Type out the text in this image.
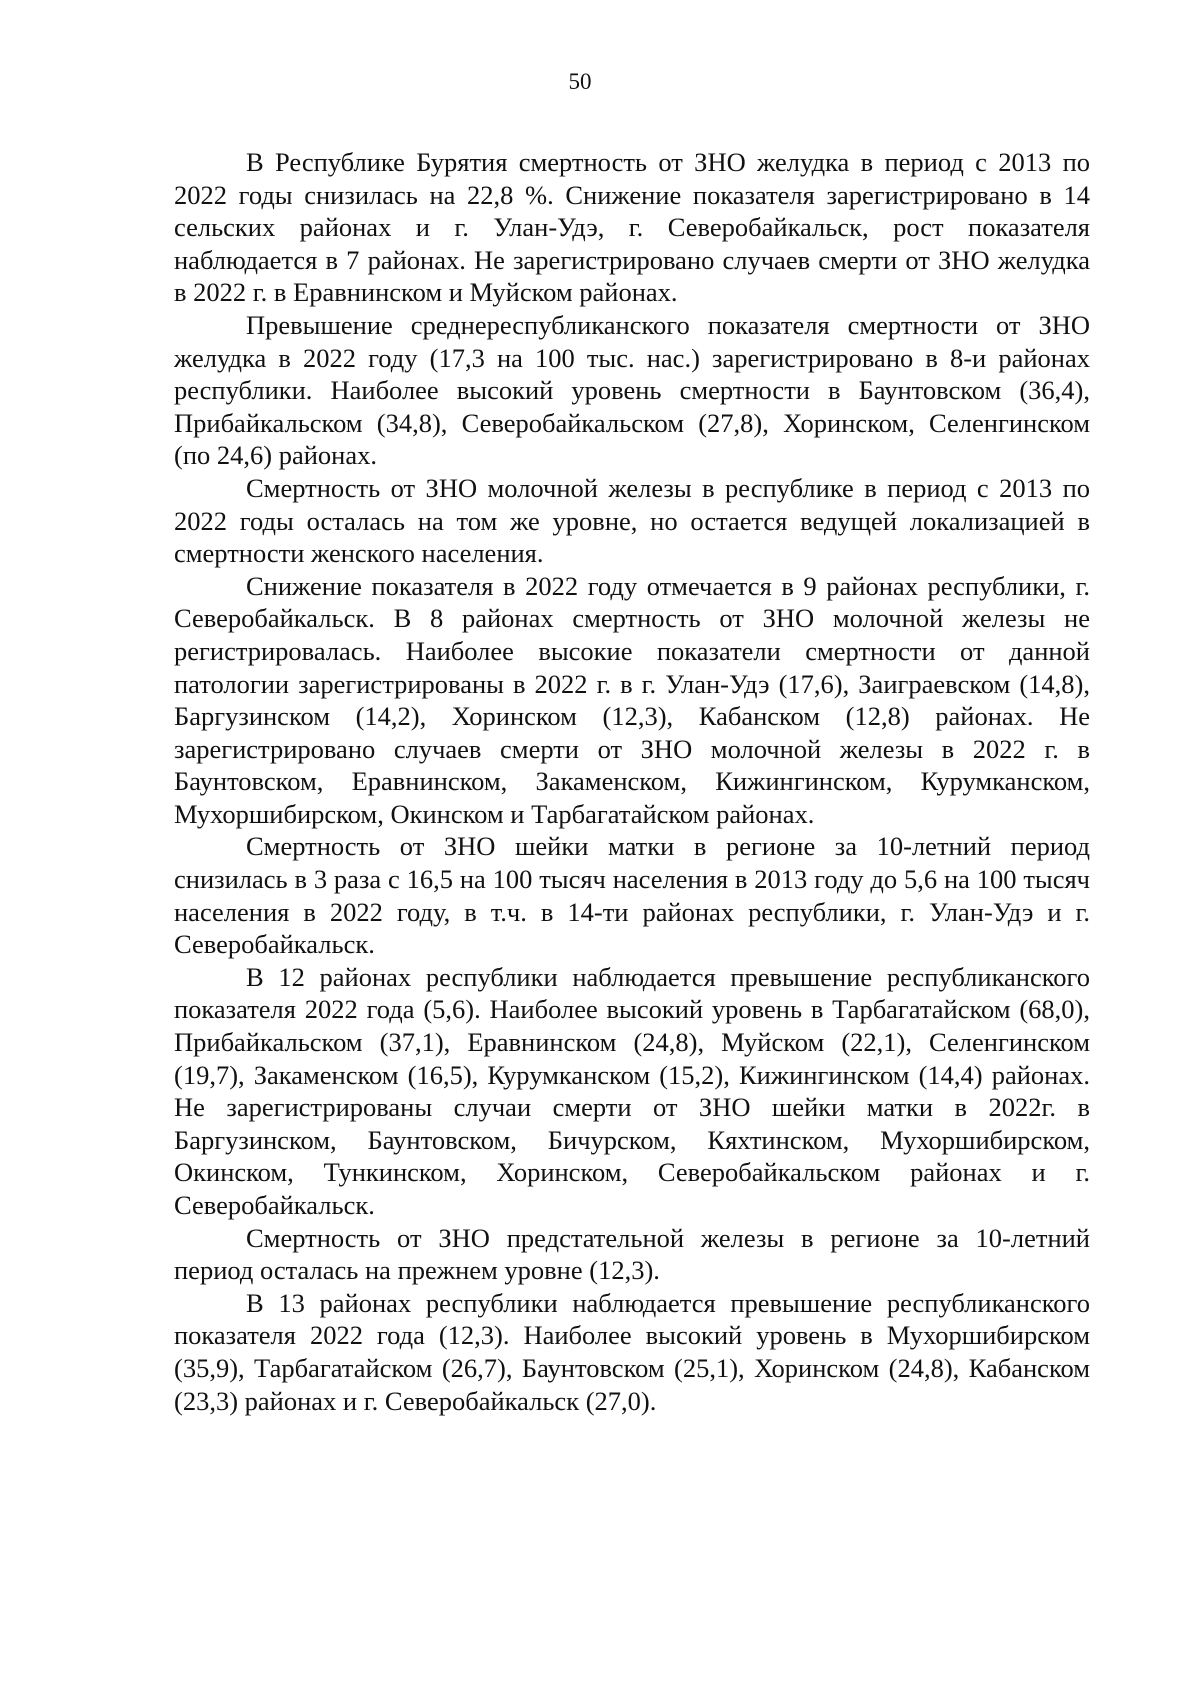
50

В Республике Бурятия смертность от ЗНО желудка в период с 2013 по 2022 годы снизилась на 22,8 %. Снижение показателя зарегистрировано в 14 сельских районах и г. Улан-Удэ, г. Северобайкальск, рост показателя наблюдается в 7 районах. Не зарегистрировано случаев смерти от ЗНО желудка в 2022 г. в Еравнинском и Муйском районах.

Превышение среднереспубликанского показателя смертности от ЗНО желудка в 2022 году (17,3 на 100 тыс. нас.) зарегистрировано в 8-и районах республики. Наиболее высокий уровень смертности в Баунтовском (36,4), Прибайкальском (34,8), Северобайкальском (27,8), Хоринском, Селенгинском (по 24,6) районах.

Смертность от ЗНО молочной железы в республике в период с 2013 по 2022 годы осталась на том же уровне, но остается ведущей локализацией в смертности женского населения.

Снижение показателя в 2022 году отмечается в 9 районах республики, г. Северобайкальск. В 8 районах смертность от ЗНО молочной железы не регистрировалась. Наиболее высокие показатели смертности от данной патологии зарегистрированы в 2022 г. в г. Улан-Удэ (17,6), Заиграевском (14,8), Баргузинском (14,2), Хоринском (12,3), Кабанском (12,8) районах. Не зарегистрировано случаев смерти от ЗНО молочной железы в 2022 г. в Баунтовском, Еравнинском, Закаменском, Кижингинском, Курумканском, Мухоршибирском, Окинском и Тарбагатайском районах.

Смертность от ЗНО шейки матки в регионе за 10-летний период снизилась в 3 раза с 16,5 на 100 тысяч населения в 2013 году до 5,6 на 100 тысяч населения в 2022 году, в т.ч. в 14-ти районах республики, г. Улан-Удэ и г. Северобайкальск.

В 12 районах республики наблюдается превышение республиканского показателя 2022 года (5,6). Наиболее высокий уровень в Тарбагатайском (68,0), Прибайкальском (37,1), Еравнинском (24,8), Муйском (22,1), Селенгинском (19,7), Закаменском (16,5), Курумканском (15,2), Кижингинском (14,4) районах. Не зарегистрированы случаи смерти от ЗНО шейки матки в 2022г. в Баргузинском, Баунтовском, Бичурском, Кяхтинском, Мухоршибирском, Окинском, Тункинском, Хоринском, Северобайкальском районах и г. Северобайкальск.

Смертность от ЗНО предстательной железы в регионе за 10-летний период осталась на прежнем уровне (12,3).

В 13 районах республики наблюдается превышение республиканского показателя 2022 года (12,3). Наиболее высокий уровень в Мухоршибирском (35,9), Тарбагатайском (26,7), Баунтовском (25,1), Хоринском (24,8), Кабанском (23,3) районах и г. Северобайкальск (27,0).
